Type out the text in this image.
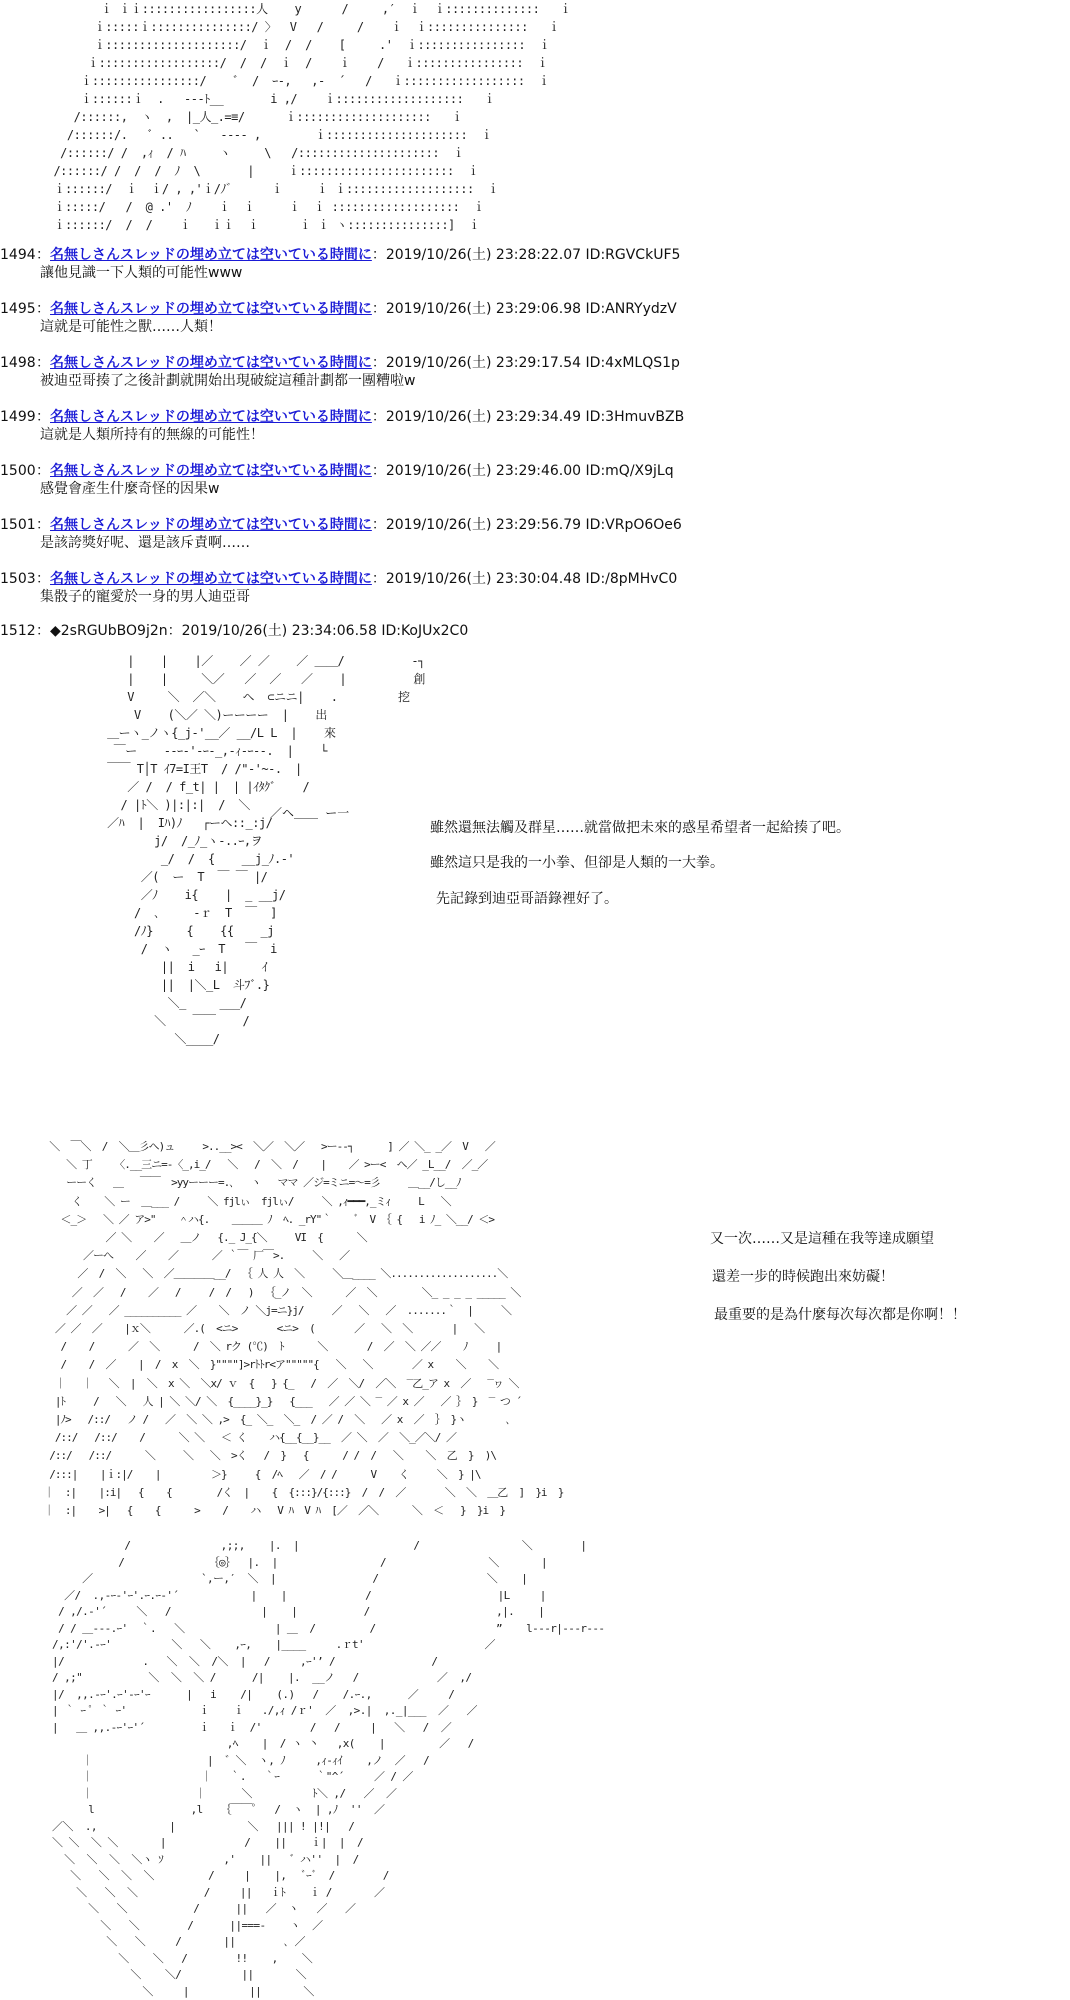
ｉ ｉｉ:::::::::::::::::人    y      /     ,′  ｉ  ｉ::::::::::::::   ｉ
ｉ:::::ｉ:::::::::::::::/ 〉  V   /     /    ｉ  ｉ:::::::::::::::   ｉ
ｉ::::::::::::::::::::/  ｉ  /  /    [     .'  ｉ::::::::::::::::  ｉ
ｉ::::::::::::::::::/  /  /  ｉ  /    ｉ    /   ｉ::::::::::::::::  ｉ
ｉ::::::::::::::::/    ﾞ  /  ｰ-,   ,-  ´   /   ｉ::::::::::::::::::  ｉ
ｉ::::::ｉ  .   ---ﾄ__       i ,/    ｉ:::::::::::::::::::   ｉ
/::::::,  ヽ  ,  |_人_.=≡/      ｉ::::::::::::::::::::   ｉ
/::::::/.   ﾞ ..   `   ---- ,        ｉ:::::::::::::::::::::  ｉ
/::::::/ /  ,ｨ  / ﾊ     ヽ     \   /:::::::::::::::::::::  ｉ
/::::::/ /  /  /  ﾉ  \       |     ｉ:::::::::::::::::::::::  ｉ
ｉ::::::/  ｉ  ｉ/ , ,'ｉ/ﾉ゛     ｉ     ｉ ｉ:::::::::::::::::::  ｉ
ｉ:::::/   /  @ .'  ﾉ    ｉ  ｉ     ｉ  ｉ :::::::::::::::::::  ｉ
ｉ::::::/  /  /    ｉ   ｉｉ  ｉ      ｉ ｉ ヽ:::::::::::::::]  ｉ
1494：名無しさんスレッドの埋め立ては空いている時間に：2019/10/26(土) 23:28:22.07 ID:RGVCkUF5
讓他見識一下人類的可能性www
1495：名無しさんスレッドの埋め立ては空いている時間に：2019/10/26(土) 23:29:06.98 ID:ANRYydzV
這就是可能性之獸……人類！
1498：名無しさんスレッドの埋め立ては空いている時間に：2019/10/26(土) 23:29:17.54 ID:4xMLQS1p
被迪亞哥揍了之後計劃就開始出現破綻這種計劃都一團糟啦w
1499：名無しさんスレッドの埋め立ては空いている時間に：2019/10/26(土) 23:29:34.49 ID:3HmuvBZB
這就是人類所持有的無線的可能性！
1500：名無しさんスレッドの埋め立ては空いている時間に：2019/10/26(土) 23:29:46.00 ID:mQ/X9jLq
感覺會產生什麼奇怪的因果w
1501：名無しさんスレッドの埋め立ては空いている時間に：2019/10/26(土) 23:29:56.79 ID:VRpO6Oe6
是該誇獎好呢、還是該斥責啊……
1503：名無しさんスレッドの埋め立ては空いている時間に：2019/10/26(土) 23:30:04.48 ID:/8pMHvC0
集骰子的寵愛於一身的男人迪亞哥
1512：◆2sRGUbBO9j2n：2019/10/26(土) 23:34:06.58 ID:KoJUx2C0
|    |    |／    ／ ／    ／ ＿＿/          -┐
|    |     ＼／   ／  ／   ／    |          創
V     ＼  ／＼    ヘ  ⊂ニニ|    .         挖
V    (＼／ ＼)ーーーー  |    出
＿ーヽ_ノヽ{_j-'__／ __/L L  |    來
￣ー    --ｰ-'-ｰ-_,-ｨ-ｰ--.  |    └
￣￣ T│T ｲ7=I王T  / /"-'~-.  |
／ /  / f_t| |  | |ｲﾀｸﾞ    /
/ |ﾄ＼ )|:|:|  /  ＼
／ﾊ  |  Iﾊ)ﾉ   ┌ーヘ::_:j/
j/  /_ﾉ_ヽ-..ｰ,ヲ
_/  /  {    __j_ﾉ.-'
／(  ー  T  ￣ ￣ |/
／ﾉ    i{    |  _ __j/
/  ､     -ｒ  T  ￣  ]
/ﾉ}     {    {{    _j
/  ヽ   _ｰ  T   ￣  i
||  i   i|     ｲ
||  |＼_L  斗ﾌﾞ.}
＼_     ___/
＼    ￣￣    /
＼____/
／ヘ＿＿ ー一
雖然還無法觸及群星……就當做把未來的惑星希望者一起給揍了吧。
雖然這只是我的一小拳、但卻是人類的一大拳。
先記錄到迪亞哥語錄裡好了。
＼  ￣＼  /  ＼＿彡ヘ)ュ     >..__><  ＼／  ＼／   >ー--┐      ] ／ ＼_ _／  V   ／
＼ 丁    〈.__三ニ=-〈_,i_/   ＼   /  ＼  /    |    ／ >ー<  ヘ／ _L__/  ／_／
ーーく   ＿   ￣￣  >yyーーー=.､   ヽ   ママ ／ジ=ミニ=～=彡     ＿__/し__ﾉ
く    ＼ ー  ＿___ /     ＼ fjlぃ  fjlぃ/     ＼ ,ｨ━━━,_ミｨ     L   ＼
＜_＞   ＼ ／ ア>"    ＾ハ{.    ＿＿＿ ﾉ  ﾍ. _rY"｀    ﾞ  V ｛ {   i ﾉ_ ＼__/ ＜>
／ ＼    ／   ＿ノ   {._ J_{＼     VI  {      ＼
／ーへ    ／    ／      ／ ｀￣ 厂￣>.     ＼   ／
／  /  ＼   ＼  ／＿＿＿＿__/  ｛ 人 人  ＼     ＼＿____ ＼...................＼
／  ／   /    ／   /     /  /   )  ｛_ノ  ＼      ／  ＼        ＼_ _ _ _ _____ ＼
／ ／   ／ __________ ／    ＼  ノ ＼j=ニ}j/     ／   ＼   ／  .......｀  |     ＼
／ ／  ／    |ｘ＼      ／.(  <ニ>       <ニ>  (       ／   ＼  ＼       |   ＼
/    /      ／  ＼      /  ＼ rク (℃)  ﾄ      ＼       /  ／  ＼ ／／    ﾉ     |
/    /  ／    |  /  x  ＼  }""""]>rﾄﾄr<ア"""""{   ＼   ＼       ／ x    ＼    ＼
｜   ｜   ＼  |  ＼  x ＼  ＼x/ ｖ  {   } {_   /  ／  ＼/  ／＼  ‾乙_ア x  ／   ‾ヮ ＼
|ﾄ     /   ＼   人 | ＼ ＼/ ＼  {____}_}   {___   ／ ／ ＼ ‾ ／ x ／   ／ ｝ }  ‾ つ ´
|ﾉ>   /::/   ノ /   ／  ＼ ＼ ,>  {_ ＼_  ＼_  / ／ /  ＼   ／ x  ／  ｝ }ヽ       ､
/::/   /::/    /      ＼ ＼   ＜ く    ハ{__{__}__  ／ ＼  ／  ＼_／＼/ ／
/::/   /::/      ＼     ＼   ＼  >く   /  }   {      / /  /   ＼    ＼  乙  }  )\
/:::|    |ｉ:|/    |         ＞}     {  /ﾍ   ／  / /      V    く     ＼  } |\
｜  :|    |:i|   {    {        /く  |    {  {:::}/{:::}  /  /  ／       ＼  ＼  ＿乙  ]  }i  }
｜  :|    >|   {    {      >    /    ハ   V ﾊ  V ﾊ  [／  ／＼      ＼  ＜   }  }i  }
又一次……又是這種在我等達成願望
還差一步的時候跑出來妨礙！
最重要的是為什麼每次每次都是你啊！！
/               ,;;,    |.  |                   /                 ＼        |
/              ｛◎｝  |.  |                 /                 ＼       |
／                  `,ー,′  ＼  |                /                  ＼    |
／/  .,-ｰ-'ｰ'.ｰ.ｰ-'´            |    |             /                     |L     |
/ ,/.‐'´     ＼   /               |    |           /                     ,|.    |
/ / ＿‐--.ｰ'  ｀.   ＼               | ＿  /         /                    ”    l‐--r|‐‐-r‐‐‐
/,:'/'.-ｰ'          ＼   ＼    ,ｰ,    |____     .ｒt'                    ／
|/             .   ＼  ＼  /＼  |   /     ,ｰ'’ /                /
/ ,;"           ＼  ＼  ＼ /      /|    |.  __ノ   /             ／  ,/
|/  ,,.-ｰ'.ｰ'-ｰ'ｰ      |   i    /|    (.)   /    /.ｰ.,      ／     /
| ｀ ｰ ﾟ ｀ ｰ'            ｉ    ｉ   ./,ｨ /ｒ'  ／  ,>.|  ,._|___  ／   ／
|   ＿ ,,.‐ｰ'ｰ'´         ｉ   ｉ  /'        /   /     |   ＼   /  ／
,ﾍ    |  / ヽ 丶   ,x(    |         ／   /
｜                   |  ゛＼  ヽ, ﾉ     ,ｨ‐ｨｲ    ,ノ  ／   /
｜                  ｜   ｀.   ｀ｰ      ｀"^´     ／ / ／
｜                 ｜      ＼          ﾄ＼ ,/   ／  ／
l                ,l   ｛￣￣゜  /  ヽ  | ,ﾉ  ''  ／
／＼  .,            |            ＼   ||| ! |!|   /
＼ ＼  ＼ ＼       |             /    ||    ｉ|  |  /
＼  ＼  ＼  ＼ヽ ｿ          ,'    ||   ゛ハ''  |  /
＼   ＼  ＼  ＼         /     |    |,   ﾞｰﾞ  /        /
＼   ＼  ＼           /     ||   ｉﾄ    ｉ /       ／
＼   ＼           /      ||   ／  ヽ   ／   ／
＼   ＼        /      ||===-    ヽ  ／
＼   ＼     /       ||        ､ ／
＼    ＼   /        !!    ,    ＼
＼    ＼/          ||       ＼
＼     |          ||       ＼
